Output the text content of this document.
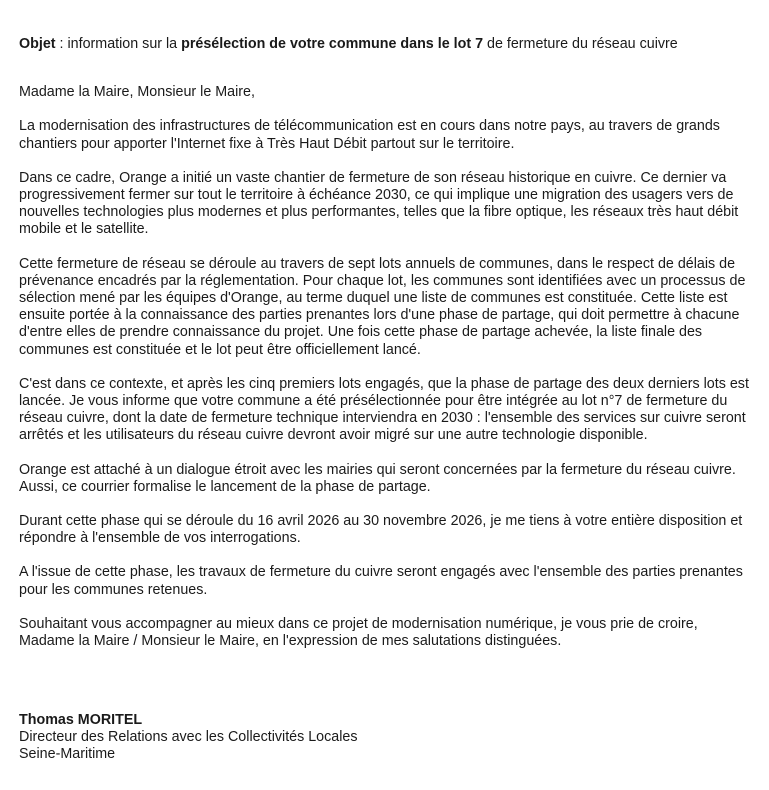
Objet : information sur la présélection de votre commune dans le lot 7 de fermeture du réseau cuivre

Madame la Maire, Monsieur le Maire,

La modernisation des infrastructures de télécommunication est en cours dans notre pays, au travers de grands chantiers pour apporter l'Internet fixe à Très Haut Débit partout sur le territoire.

Dans ce cadre, Orange a initié un vaste chantier de fermeture de son réseau historique en cuivre. Ce dernier va progressivement fermer sur tout le territoire à échéance 2030, ce qui implique une migration des usagers vers de nouvelles technologies plus modernes et plus performantes, telles que la fibre optique, les réseaux très haut débit mobile et le satellite.

Cette fermeture de réseau se déroule au travers de sept lots annuels de communes, dans le respect de délais de prévenance encadrés par la réglementation. Pour chaque lot, les communes sont identifiées avec un processus de sélection mené par les équipes d'Orange, au terme duquel une liste de communes est constituée. Cette liste est ensuite portée à la connaissance des parties prenantes lors d'une phase de partage, qui doit permettre à chacune d'entre elles de prendre connaissance du projet. Une fois cette phase de partage achevée, la liste finale des communes est constituée et le lot peut être officiellement lancé.

C'est dans ce contexte, et après les cinq premiers lots engagés, que la phase de partage des deux derniers lots est lancée. Je vous informe que votre commune a été présélectionnée pour être intégrée au lot n°7 de fermeture du réseau cuivre, dont la date de fermeture technique interviendra en 2030 : l'ensemble des services sur cuivre seront arrêtés et les utilisateurs du réseau cuivre devront avoir migré sur une autre technologie disponible.

Orange est attaché à un dialogue étroit avec les mairies qui seront concernées par la fermeture du réseau cuivre. Aussi, ce courrier formalise le lancement de la phase de partage.

Durant cette phase qui se déroule du 16 avril 2026 au 30 novembre 2026, je me tiens à votre entière disposition et répondre à l'ensemble de vos interrogations.

A l'issue de cette phase, les travaux de fermeture du cuivre seront engagés avec l'ensemble des parties prenantes pour les communes retenues.

Souhaitant vous accompagner au mieux dans ce projet de modernisation numérique, je vous prie de croire, Madame la Maire / Monsieur le Maire, en l'expression de mes salutations distinguées.

Thomas MORITEL
Directeur des Relations avec les Collectivités Locales
Seine-Maritime
